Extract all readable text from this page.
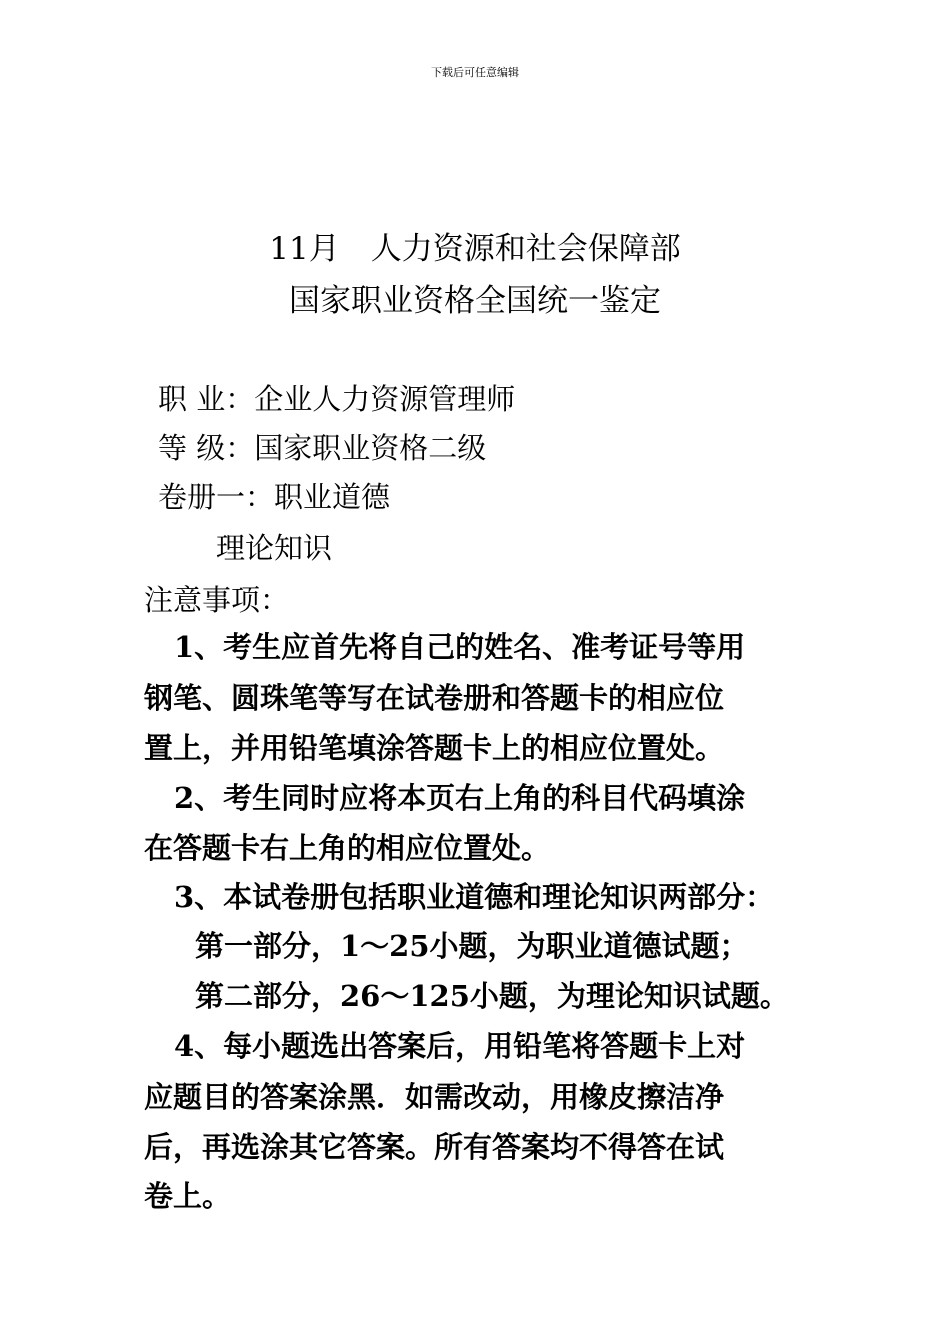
下载后可任意编辑
11月　人力资源和社会保障部
国家职业资格全国统一鉴定
职 业：企业人力资源管理师
等 级：国家职业资格二级
卷册一：职业道德
理论知识
注意事项：
1、考生应首先将自己的姓名、准考证号等用
钢笔、圆珠笔等写在试卷册和答题卡的相应位
置上，并用铅笔填涂答题卡上的相应位置处。
2、考生同时应将本页右上角的科目代码填涂
在答题卡右上角的相应位置处。
3、本试卷册包括职业道德和理论知识两部分：
第一部分，1～25小题，为职业道德试题；
第二部分，26～125小题，为理论知识试题。
4、每小题选出答案后，用铅笔将答题卡上对
应题目的答案涂黑．如需改动，用橡皮擦洁净
后，再选涂其它答案。所有答案均不得答在试
卷上。
